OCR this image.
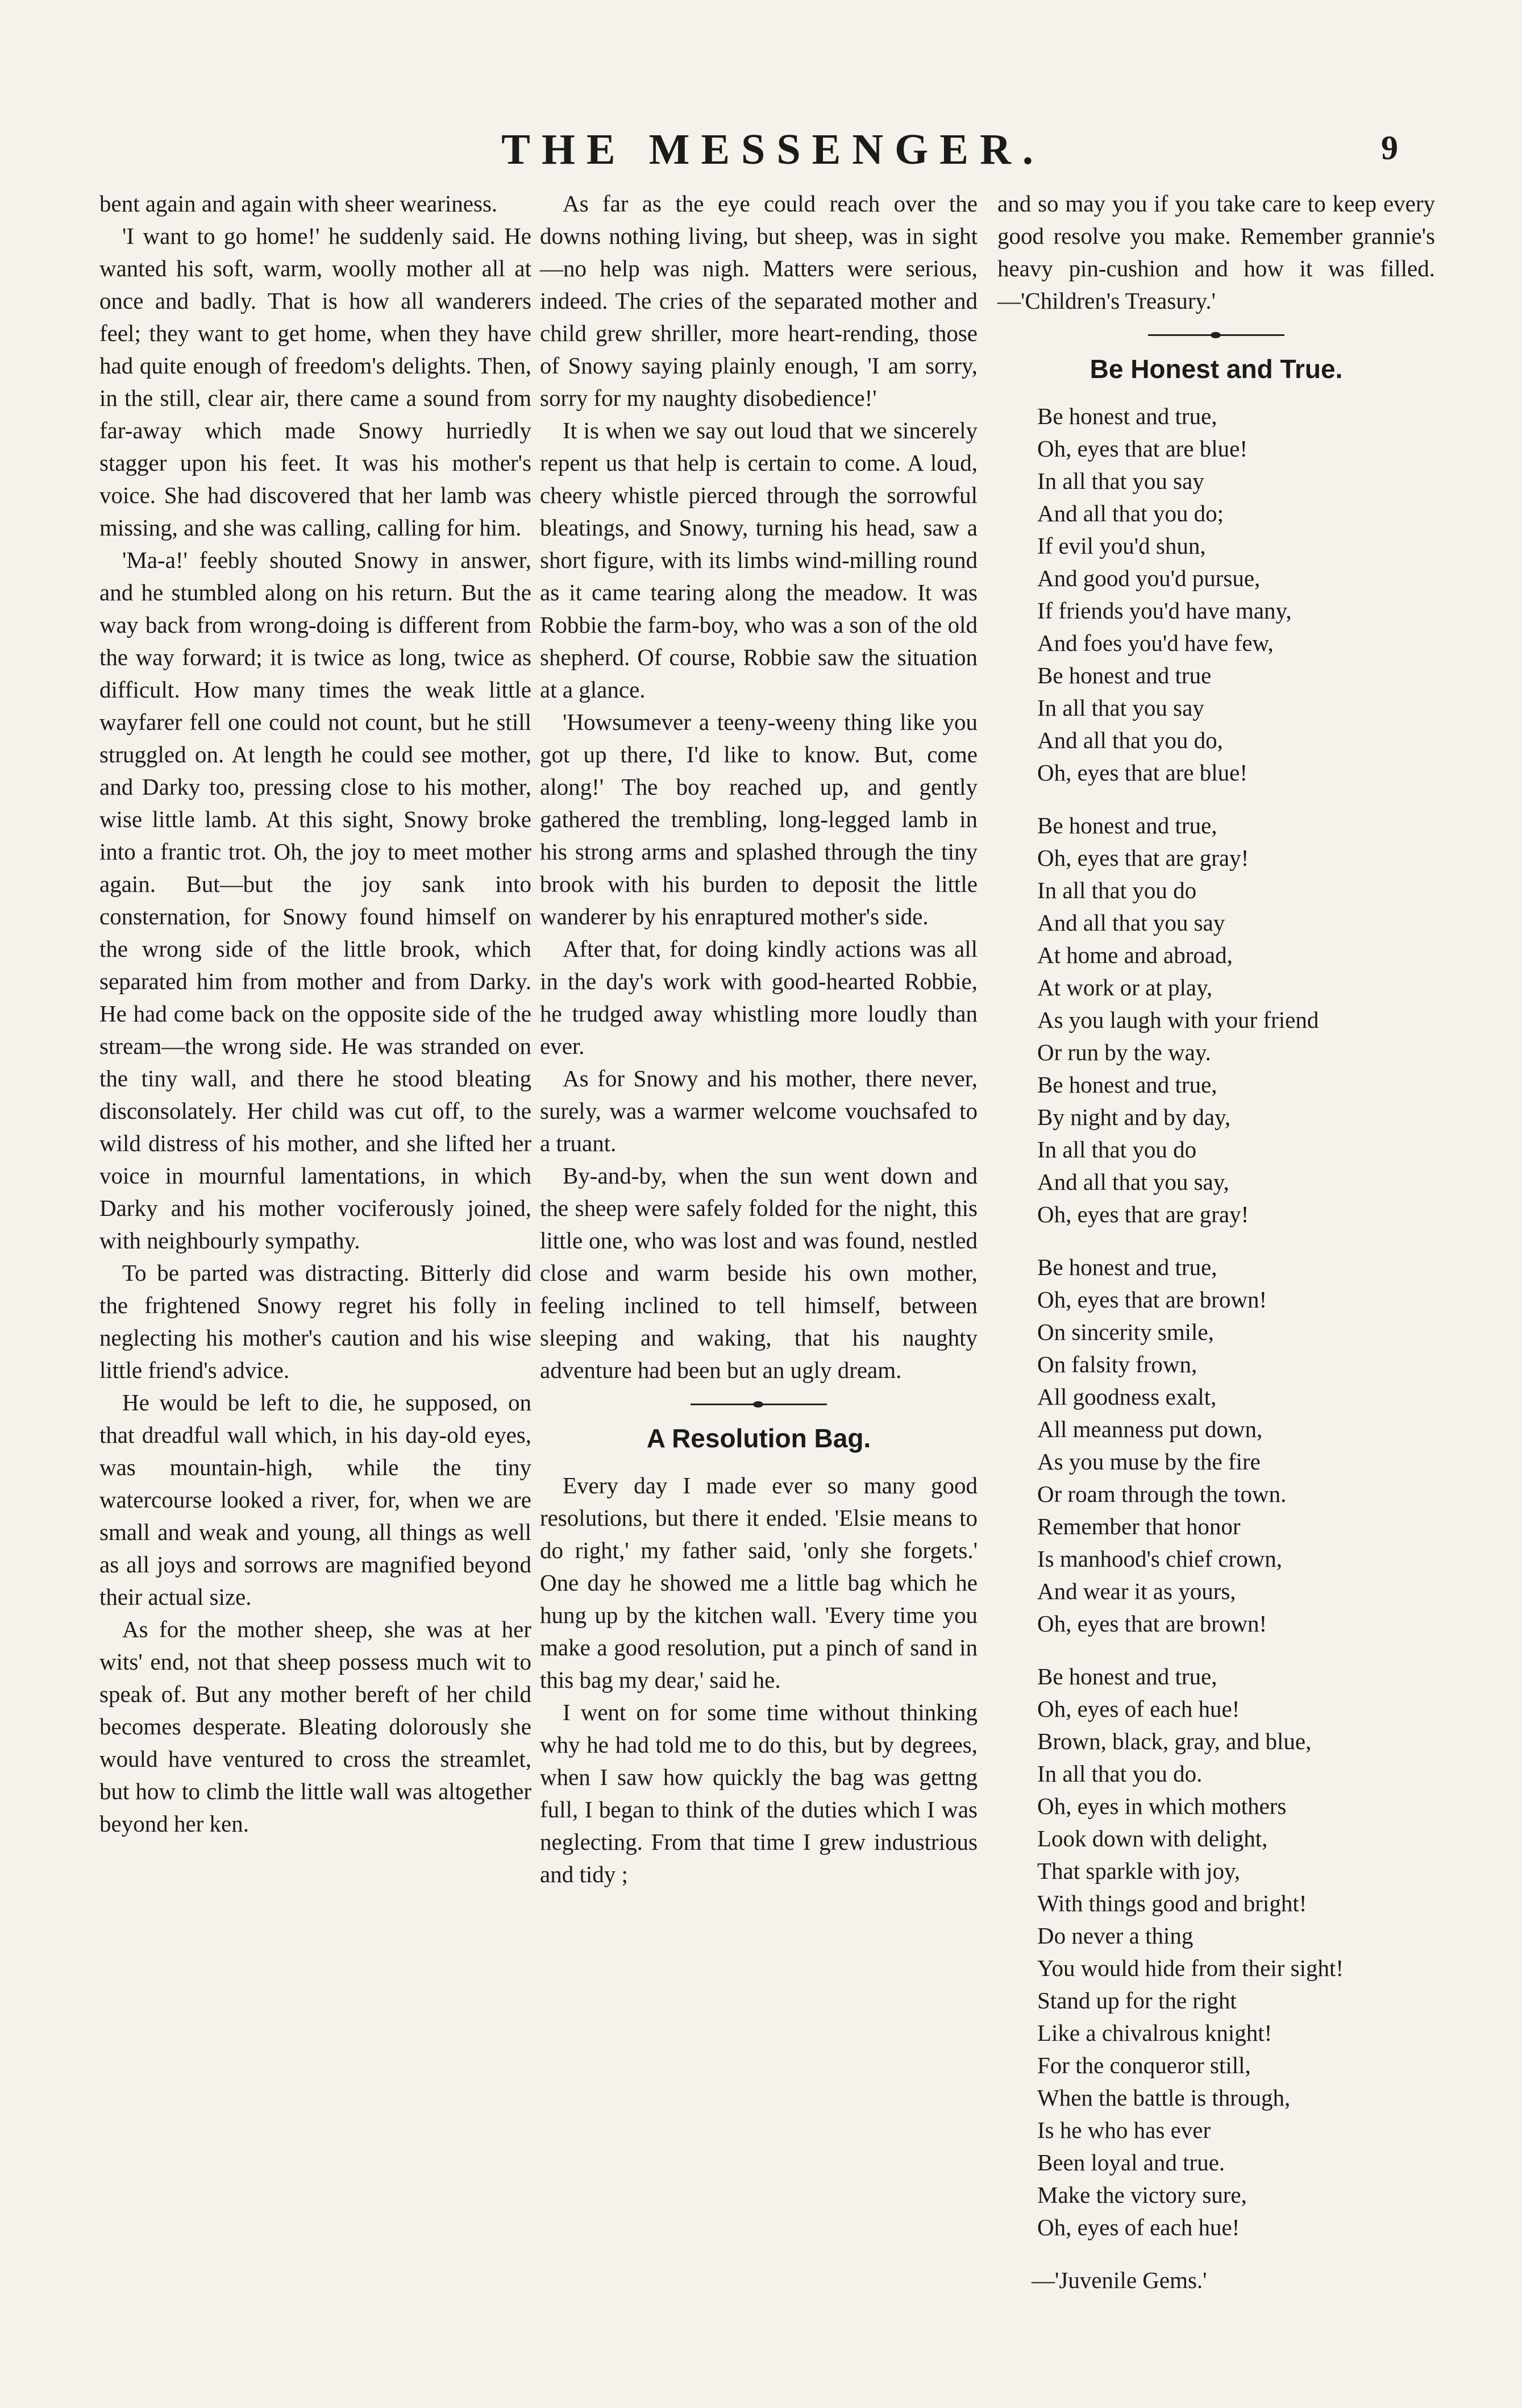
THE MESSENGER.	9

bent again and again with sheer weariness.

'I want to go home!' he suddenly said. He wanted his soft, warm, woolly mother all at once and badly. That is how all wanderers feel; they want to get home, when they have had quite enough of freedom's delights. Then, in the still, clear air, there came a sound from far-away which made Snowy hurriedly stagger upon his feet. It was his mother's voice. She had discovered that her lamb was missing, and she was calling, calling for him.

'Ma-a!' feebly shouted Snowy in answer, and he stumbled along on his return. But the way back from wrong-doing is different from the way forward; it is twice as long, twice as difficult. How many times the weak little wayfarer fell one could not count, but he still struggled on. At length he could see mother, and Darky too, pressing close to his mother, wise little lamb. At this sight, Snowy broke into a frantic trot. Oh, the joy to meet mother again. But—but the joy sank into consternation, for Snowy found himself on the wrong side of the little brook, which separated him from mother and from Darky. He had come back on the opposite side of the stream—the wrong side. He was stranded on the tiny wall, and there he stood bleating disconsolately. Her child was cut off, to the wild distress of his mother, and she lifted her voice in mournful lamentations, in which Darky and his mother vociferously joined, with neighbourly sympathy.

To be parted was distracting. Bitterly did the frightened Snowy regret his folly in neglecting his mother's caution and his wise little friend's advice.

He would be left to die, he supposed, on that dreadful wall which, in his day-old eyes, was mountain-high, while the tiny watercourse looked a river, for, when we are small and weak and young, all things as well as all joys and sorrows are magnified beyond their actual size.

As for the mother sheep, she was at her wits' end, not that sheep possess much wit to speak of. But any mother bereft of her child becomes desperate. Bleating dolorously she would have ventured to cross the streamlet, but how to climb the little wall was altogether beyond her ken.

As far as the eye could reach over the downs nothing living, but sheep, was in sight—no help was nigh. Matters were serious, indeed. The cries of the separated mother and child grew shriller, more heart-rending, those of Snowy saying plainly enough, 'I am sorry, sorry for my naughty disobedience!'

It is when we say out loud that we sincerely repent us that help is certain to come. A loud, cheery whistle pierced through the sorrowful bleatings, and Snowy, turning his head, saw a short figure, with its limbs wind-milling round as it came tearing along the meadow. It was Robbie the farm-boy, who was a son of the old shepherd. Of course, Robbie saw the situation at a glance.

'Howsumever a teeny-weeny thing like you got up there, I'd like to know. But, come along!' The boy reached up, and gently gathered the trembling, long-legged lamb in his strong arms and splashed through the tiny brook with his burden to deposit the little wanderer by his enraptured mother's side.

After that, for doing kindly actions was all in the day's work with good-hearted Robbie, he trudged away whistling more loudly than ever.

As for Snowy and his mother, there never, surely, was a warmer welcome vouchsafed to a truant.

By-and-by, when the sun went down and the sheep were safely folded for the night, this little one, who was lost and was found, nestled close and warm beside his own mother, feeling inclined to tell himself, between sleeping and waking, that his naughty adventure had been but an ugly dream.

A Resolution Bag.

Every day I made ever so many good resolutions, but there it ended. 'Elsie means to do right,' my father said, 'only she forgets.' One day he showed me a little bag which he hung up by the kitchen wall. 'Every time you make a good resolution, put a pinch of sand in this bag my dear,' said he.

I went on for some time without thinking why he had told me to do this, but by degrees, when I saw how quickly the bag was gettng full, I began to think of the duties which I was neglecting. From that time I grew industrious and tidy ;

and so may you if you take care to keep every good resolve you make. Remember grannie's heavy pin-cushion and how it was filled.—'Children's Treasury.'

Be Honest and True.
Be honest and true,
Oh, eyes that are blue!
In all that you say
And all that you do;
If evil you'd shun,
And good you'd pursue,
If friends you'd have many,
And foes you'd have few,
Be honest and true
In all that you say
And all that you do,
Oh, eyes that are blue!
Be honest and true,
Oh, eyes that are gray!
In all that you do
And all that you say
At home and abroad,
At work or at play,
As you laugh with your friend
Or run by the way.
Be honest and true,
By night and by day,
In all that you do
And all that you say,
Oh, eyes that are gray!
Be honest and true,
Oh, eyes that are brown!
On sincerity smile,
On falsity frown,
All goodness exalt,
All meanness put down,
As you muse by the fire
Or roam through the town.
Remember that honor
Is manhood's chief crown,
And wear it as yours,
Oh, eyes that are brown!
Be honest and true,
Oh, eyes of each hue!
Brown, black, gray, and blue,
In all that you do.
Oh, eyes in which mothers
Look down with delight,
That sparkle with joy,
With things good and bright!
Do never a thing
You would hide from their sight!
Stand up for the right
Like a chivalrous knight!
For the conqueror still,
When the battle is through,
Is he who has ever
Been loyal and true.
Make the victory sure,
Oh, eyes of each hue!
—'Juvenile Gems.'
